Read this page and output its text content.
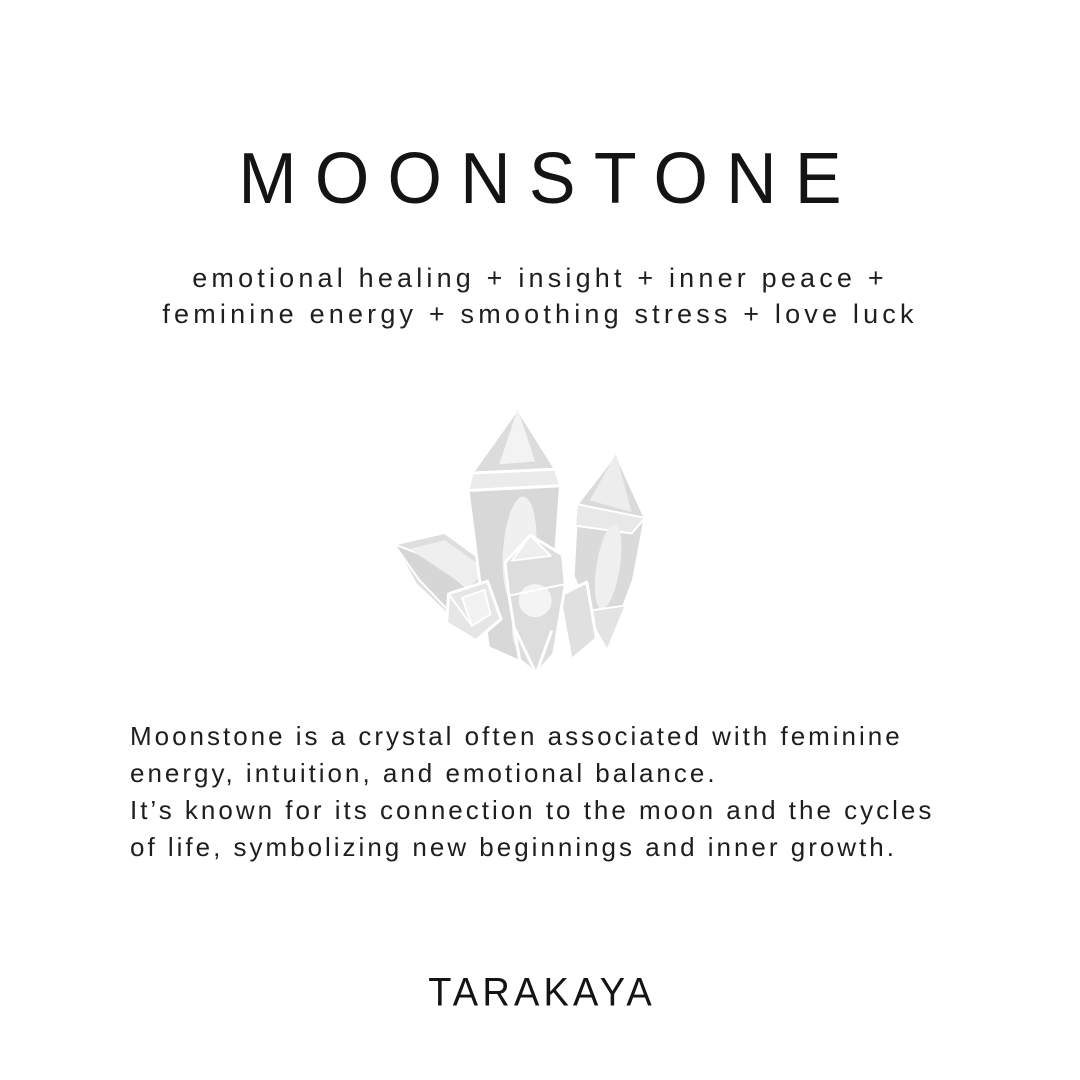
MOONSTONE
emotional healing + insight + inner peace +
feminine energy + smoothing stress + love luck

Moonstone is a crystal often associated with feminine energy, intuition, and emotional balance.

It’s known for its connection to the moon and the cycles of life, symbolizing new beginnings and inner growth.

TARAKAYA
